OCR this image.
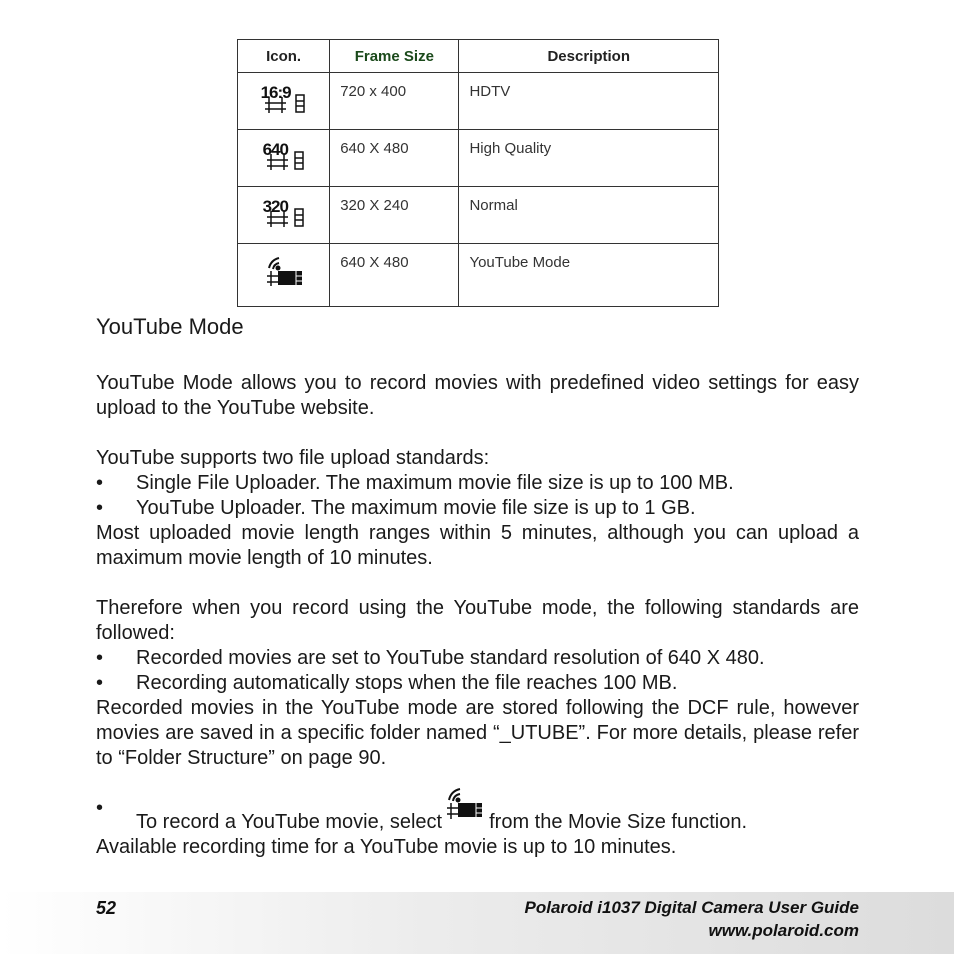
Icon.	Frame Size	Description

16:9	720 x 400	HDTV

640	640 X 480	High Quality

320	320 X 240	Normal

	640 X 480	YouTube Mode
YouTube Mode

YouTube Mode allows you to record movies with predefined video settings for easy upload to the YouTube website.

YouTube supports two file upload standards:

• Single File Uploader. The maximum movie file size is up to 100 MB.
• YouTube Uploader. The maximum movie file size is up to 1 GB.

Most uploaded movie length ranges within 5 minutes, although you can upload a maximum movie length of 10 minutes.

Therefore when you record using the YouTube mode, the following standards are followed:

• Recorded movies are set to YouTube standard resolution of 640 X 480.
• Recording automatically stops when the file reaches 100 MB.

Recorded movies in the YouTube mode are stored following the DCF rule, however movies are saved in a specific folder named “_UTUBE”. For more details, please refer to “Folder Structure” on page 90.

•
To record a YouTube movie, select from the Movie Size function.

Available recording time for a YouTube movie is up to 10 minutes.

52	Polaroid i1037 Digital Camera User Guide
www.polaroid.com
